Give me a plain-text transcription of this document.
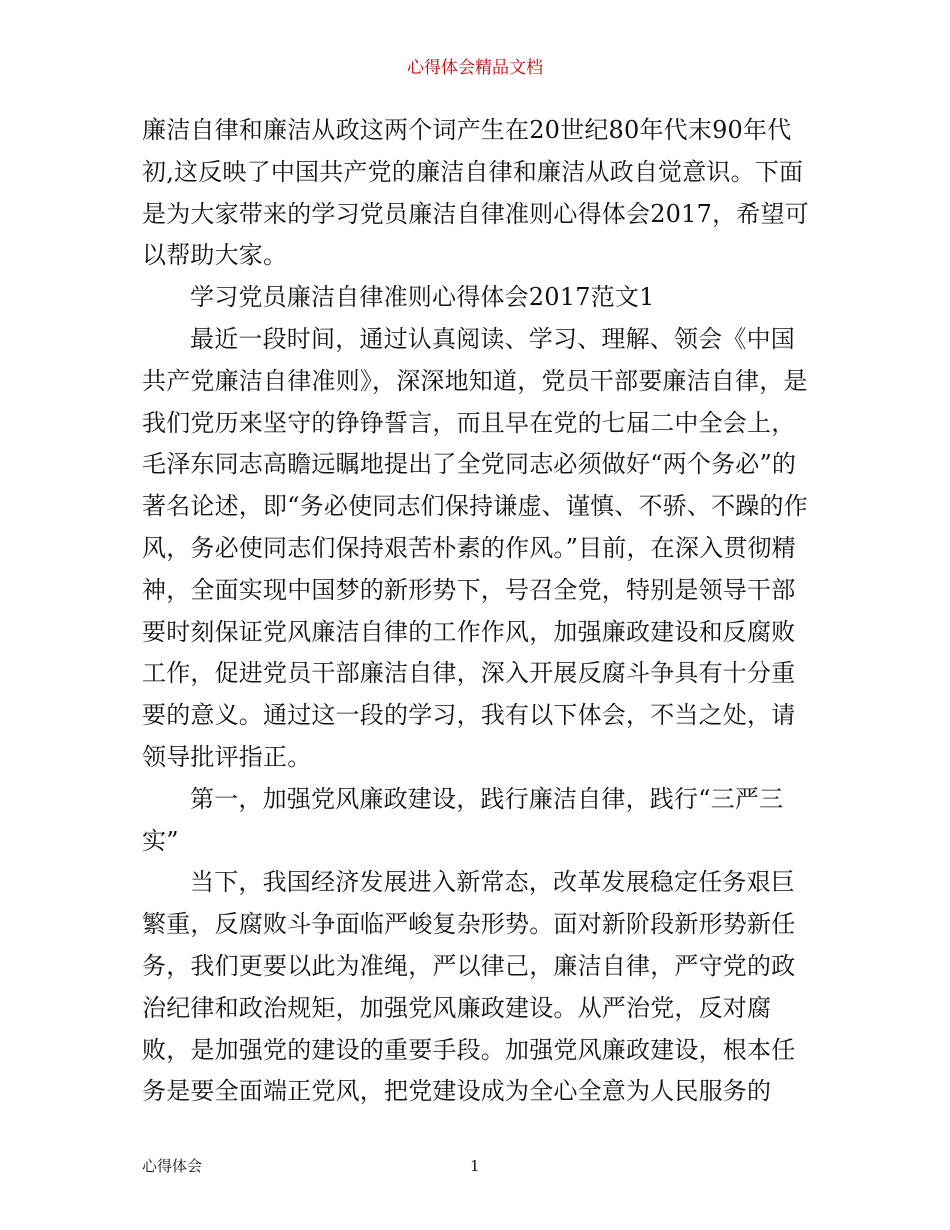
心得体会精品文档

廉洁自律和廉洁从政这两个词产生在20世纪80年代末90年代初,这反映了中国共产党的廉洁自律和廉洁从政自觉意识。下面是为大家带来的学习党员廉洁自律准则心得体会2017，希望可以帮助大家。

学习党员廉洁自律准则心得体会2017范文1

最近一段时间，通过认真阅读、学习、理解、领会《中国共产党廉洁自律准则》，深深地知道，党员干部要廉洁自律，是我们党历来坚守的铮铮誓言，而且早在党的七届二中全会上，毛泽东同志高瞻远瞩地提出了全党同志必须做好“两个务必”的著名论述，即“务必使同志们保持谦虚、谨慎、不骄、不躁的作风，务必使同志们保持艰苦朴素的作风。”目前，在深入贯彻精神，全面实现中国梦的新形势下，号召全党，特别是领导干部要时刻保证党风廉洁自律的工作作风，加强廉政建设和反腐败工作，促进党员干部廉洁自律，深入开展反腐斗争具有十分重要的意义。通过这一段的学习，我有以下体会，不当之处，请领导批评指正。

第一，加强党风廉政建设，践行廉洁自律，践行“三严三实”

当下，我国经济发展进入新常态，改革发展稳定任务艰巨繁重，反腐败斗争面临严峻复杂形势。面对新阶段新形势新任务，我们更要以此为准绳，严以律己，廉洁自律，严守党的政治纪律和政治规矩，加强党风廉政建设。从严治党，反对腐败，是加强党的建设的重要手段。加强党风廉政建设，根本任务是要全面端正党风，把党建设成为全心全意为人民服务的

心得体会	1
